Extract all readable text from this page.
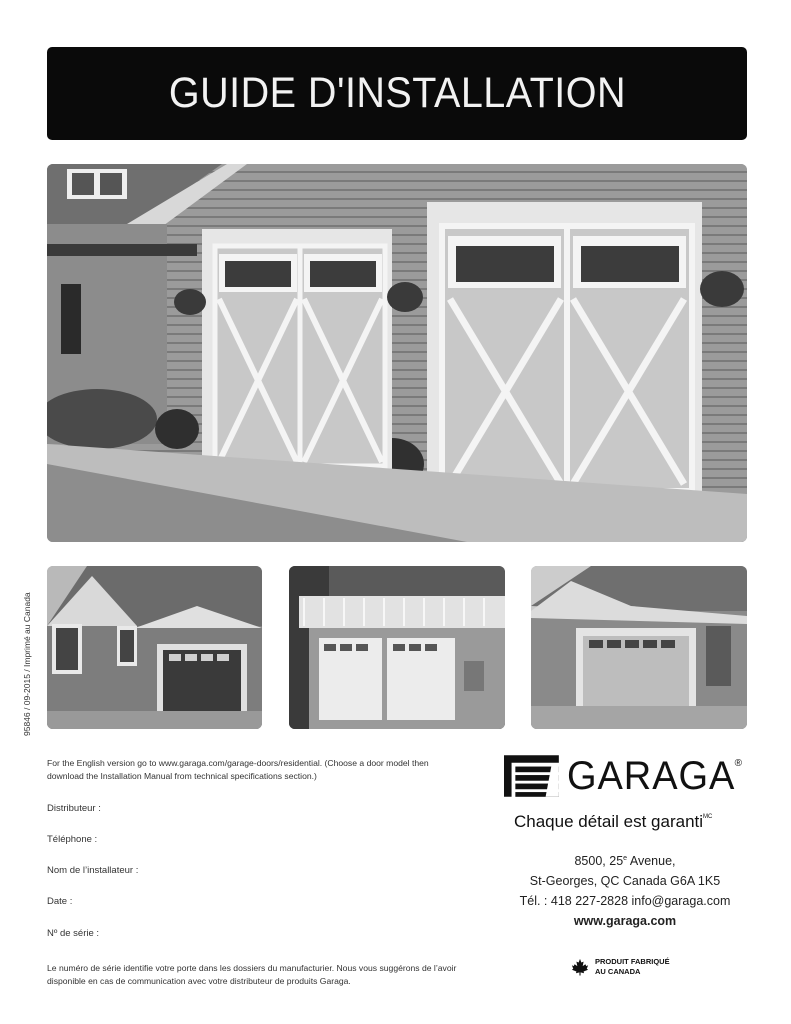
GUIDE D'INSTALLATION
95846 / 09-2015 / Imprimé au Canada
For the English version go to www.garaga.com/garage-doors/residential. (Choose a door model then download the Installation Manual from technical specifications section.)
Distributeur :
Téléphone :
Nom de l’installateur :
Date :
Nº de série :
Le numéro de série identifie votre porte dans les dossiers du manufacturier. Nous vous suggérons de l’avoir disponible en cas de communication avec votre distributeur de produits Garaga.
GARAGA ®
Chaque détail est garanti$^{MC}$
8500, 25e Avenue,
St-Georges, QC Canada G6A 1K5
Tél. : 418 227-2828 info@garaga.com
www.garaga.com
PRODUIT FABRIQUÉ
AU CANADA
